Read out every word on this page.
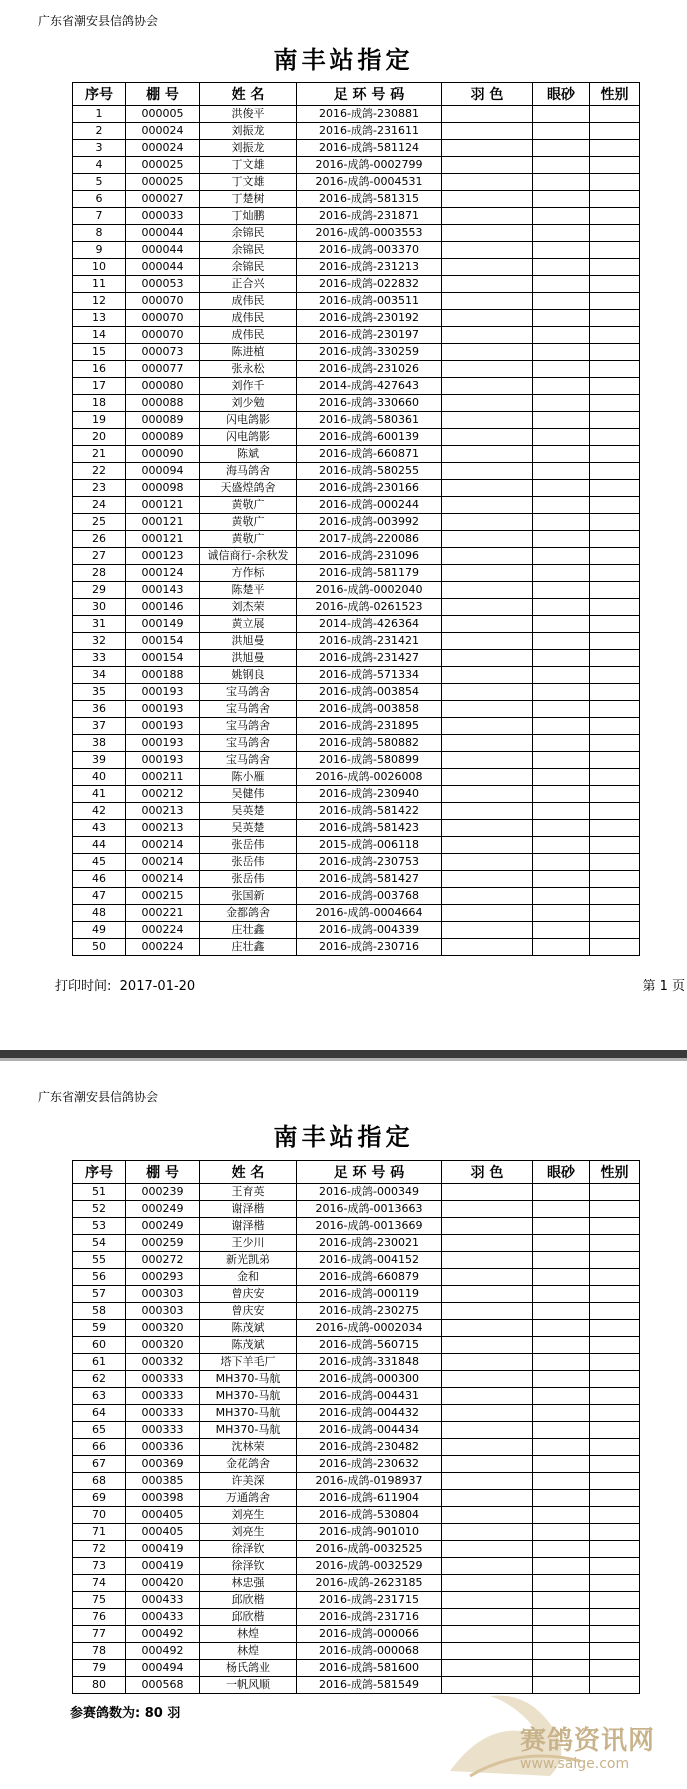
广东省潮安县信鸽协会
南丰站指定
序号	棚 号	姓 名	足 环 号 码	羽 色	眼砂	性别
1	000005	洪俊平	2016-成鸽-230881			
2	000024	刘振龙	2016-成鸽-231611			
3	000024	刘振龙	2016-成鸽-581124			
4	000025	丁文雄	2016-成鸽-0002799			
5	000025	丁文雄	2016-成鸽-0004531			
6	000027	丁楚树	2016-成鸽-581315			
7	000033	丁灿鹏	2016-成鸽-231871			
8	000044	余锦民	2016-成鸽-0003553			
9	000044	余锦民	2016-成鸽-003370			
10	000044	余锦民	2016-成鸽-231213			
11	000053	正合兴	2016-成鸽-022832			
12	000070	成伟民	2016-成鸽-003511			
13	000070	成伟民	2016-成鸽-230192			
14	000070	成伟民	2016-成鸽-230197			
15	000073	陈进植	2016-成鸽-330259			
16	000077	张永松	2016-成鸽-231026			
17	000080	刘作千	2014-成鸽-427643			
18	000088	刘少勉	2016-成鸽-330660			
19	000089	闪电鸽影	2016-成鸽-580361			
20	000089	闪电鸽影	2016-成鸽-600139			
21	000090	陈斌	2016-成鸽-660871			
22	000094	海马鸽舍	2016-成鸽-580255			
23	000098	天盛煌鸽舍	2016-成鸽-230166			
24	000121	黄敬广	2016-成鸽-000244			
25	000121	黄敬广	2016-成鸽-003992			
26	000121	黄敬广	2017-成鸽-220086			
27	000123	诚信商行-余秋发	2016-成鸽-231096			
28	000124	方作标	2016-成鸽-581179			
29	000143	陈楚平	2016-成鸽-0002040			
30	000146	刘杰荣	2016-成鸽-0261523			
31	000149	黄立展	2014-成鸽-426364			
32	000154	洪旭曼	2016-成鸽-231421			
33	000154	洪旭曼	2016-成鸽-231427			
34	000188	姚钢良	2016-成鸽-571334			
35	000193	宝马鸽舍	2016-成鸽-003854			
36	000193	宝马鸽舍	2016-成鸽-003858			
37	000193	宝马鸽舍	2016-成鸽-231895			
38	000193	宝马鸽舍	2016-成鸽-580882			
39	000193	宝马鸽舍	2016-成鸽-580899			
40	000211	陈小雁	2016-成鸽-0026008			
41	000212	吴健伟	2016-成鸽-230940			
42	000213	吴英楚	2016-成鸽-581422			
43	000213	吴英楚	2016-成鸽-581423			
44	000214	张岳伟	2015-成鸽-006118			
45	000214	张岳伟	2016-成鸽-230753			
46	000214	张岳伟	2016-成鸽-581427			
47	000215	张国新	2016-成鸽-003768			
48	000221	金都鸽舍	2016-成鸽-0004664			
49	000224	庄壮鑫	2016-成鸽-004339			
50	000224	庄壮鑫	2016-成鸽-230716			
打印时间: 2017-01-20	第 1 页
广东省潮安县信鸽协会
南丰站指定
序号	棚 号	姓 名	足 环 号 码	羽 色	眼砂	性别
51	000239	王育英	2016-成鸽-000349			
52	000249	谢泽楷	2016-成鸽-0013663			
53	000249	谢泽楷	2016-成鸽-0013669			
54	000259	王少川	2016-成鸽-230021			
55	000272	新光凯弟	2016-成鸽-004152			
56	000293	金和	2016-成鸽-660879			
57	000303	曾庆安	2016-成鸽-000119			
58	000303	曾庆安	2016-成鸽-230275			
59	000320	陈茂斌	2016-成鸽-0002034			
60	000320	陈茂斌	2016-成鸽-560715			
61	000332	塔下羊毛厂	2016-成鸽-331848			
62	000333	MH370-马航	2016-成鸽-000300			
63	000333	MH370-马航	2016-成鸽-004431			
64	000333	MH370-马航	2016-成鸽-004432			
65	000333	MH370-马航	2016-成鸽-004434			
66	000336	沈林荣	2016-成鸽-230482			
67	000369	金花鸽舍	2016-成鸽-230632			
68	000385	许美深	2016-成鸽-0198937			
69	000398	万通鸽舍	2016-成鸽-611904			
70	000405	刘亮生	2016-成鸽-530804			
71	000405	刘亮生	2016-成鸽-901010			
72	000419	徐泽钦	2016-成鸽-0032525			
73	000419	徐泽钦	2016-成鸽-0032529			
74	000420	林忠强	2016-成鸽-2623185			
75	000433	邱欣楷	2016-成鸽-231715			
76	000433	邱欣楷	2016-成鸽-231716			
77	000492	林煌	2016-成鸽-000066			
78	000492	林煌	2016-成鸽-000068			
79	000494	杨氏鸽业	2016-成鸽-581600			
80	000568	一帆风顺	2016-成鸽-581549			
参赛鸽数为: 80 羽
赛鸽资讯网
www.saige.com
